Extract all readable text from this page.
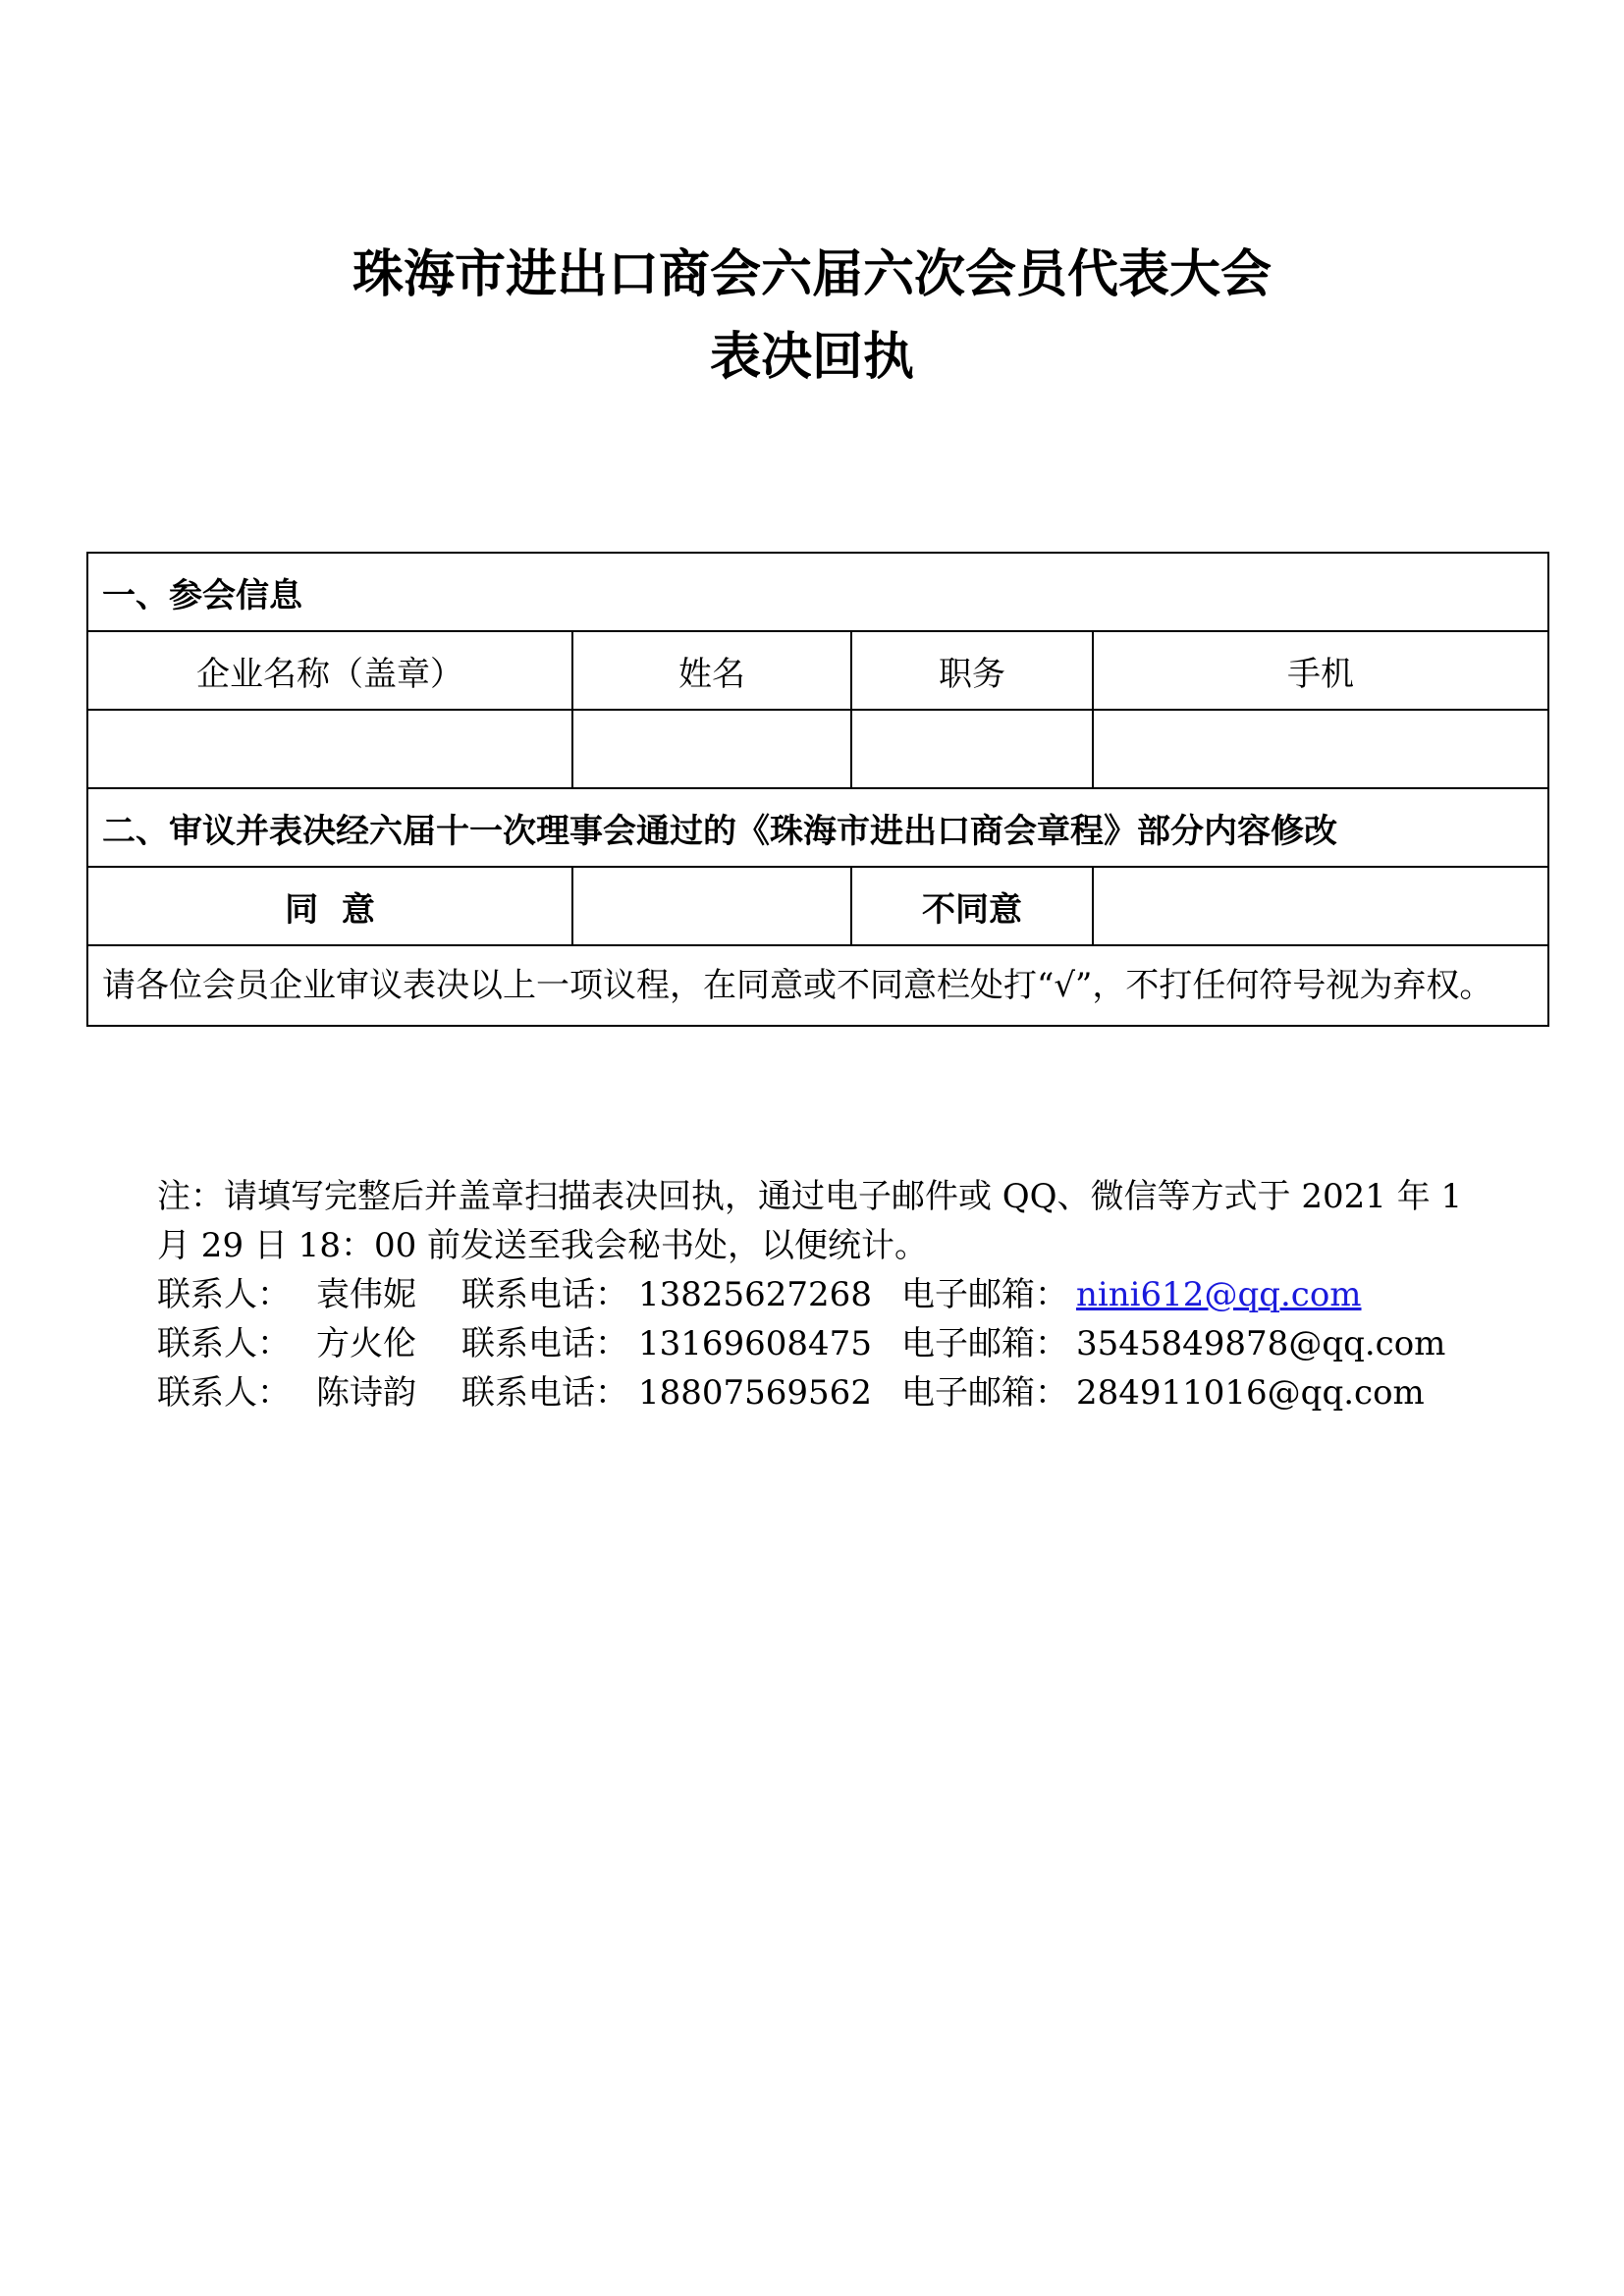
珠海市进出口商会六届六次会员代表大会
表决回执
一、参会信息			
企业名称（盖章）	姓名	职务	手机

二、审议并表决经六届十一次理事会通过的《珠海市进出口商会章程》部分内容修改			
同  意		不同意	
请各位会员企业审议表决以上一项议程，在同意或不同意栏处打“√”，不打任何符号视为弃权。			

注：请填写完整后并盖章扫描表决回执，通过电子邮件或 QQ、微信等方式于 2021 年 1 月 29 日 18：00 前发送至我会秘书处，以便统计。

联系人： 袁伟妮 联系电话： 13825627268 电子邮箱： nini612@qq.com
联系人： 方火伦 联系电话： 13169608475 电子邮箱： 3545849878@qq.com
联系人： 陈诗韵 联系电话： 18807569562 电子邮箱： 284911016@qq.com
